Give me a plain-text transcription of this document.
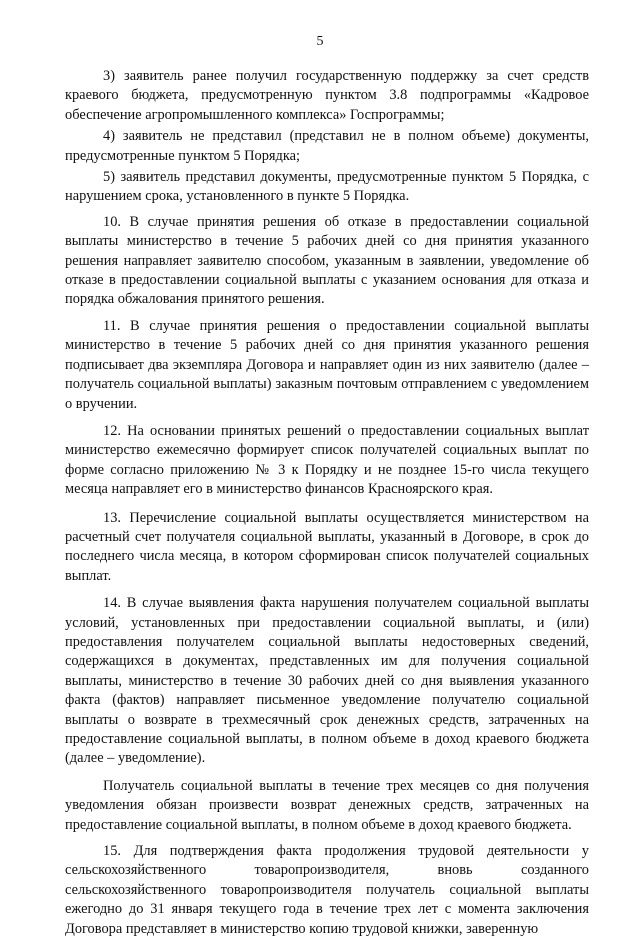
5

3) заявитель ранее получил государственную поддержку за счет средств краевого бюджета, предусмотренную пунктом 3.8 подпрограммы «Кадровое обеспечение агропромышленного комплекса» Госпрограммы;

4) заявитель не представил (представил не в полном объеме) документы, предусмотренные пунктом 5 Порядка;

5) заявитель представил документы, предусмотренные пунктом 5 Порядка, с нарушением срока, установленного в пункте 5 Порядка.

10. В случае принятия решения об отказе в предоставлении социальной выплаты министерство в течение 5 рабочих дней со дня принятия указанного решения направляет заявителю способом, указанным в заявлении, уведомление об отказе в предоставлении социальной выплаты с указанием основания для отказа и порядка обжалования принятого решения.

11. В случае принятия решения о предоставлении социальной выплаты министерство в течение 5 рабочих дней со дня принятия указанного решения подписывает два экземпляра Договора и направляет один из них заявителю (далее – получатель социальной выплаты) заказным почтовым отправлением с уведомлением о вручении.

12. На основании принятых решений о предоставлении социальных выплат министерство ежемесячно формирует список получателей социальных выплат по форме согласно приложению № 3 к Порядку и не позднее 15-го числа текущего месяца направляет его в министерство финансов Красноярского края.

13. Перечисление социальной выплаты осуществляется министерством на расчетный счет получателя социальной выплаты, указанный в Договоре, в срок до последнего числа месяца, в котором сформирован список получателей социальных выплат.

14. В случае выявления факта нарушения получателем социальной выплаты условий, установленных при предоставлении социальной выплаты, и (или) предоставления получателем социальной выплаты недостоверных сведений, содержащихся в документах, представленных им для получения социальной выплаты, министерство в течение 30 рабочих дней со дня выявления указанного факта (фактов) направляет письменное уведомление получателю социальной выплаты о возврате в трехмесячный срок денежных средств, затраченных на предоставление социальной выплаты, в полном объеме в доход краевого бюджета (далее – уведомление).

Получатель социальной выплаты в течение трех месяцев со дня получения уведомления обязан произвести возврат денежных средств, затраченных на предоставление социальной выплаты, в полном объеме в доход краевого бюджета.

15. Для подтверждения факта продолжения трудовой деятельности у сельскохозяйственного товаропроизводителя, вновь созданного сельскохозяйственного товаропроизводителя получатель социальной выплаты ежегодно до 31 января текущего года в течение трех лет с момента заключения Договора представляет в министерство копию трудовой книжки, заверенную
